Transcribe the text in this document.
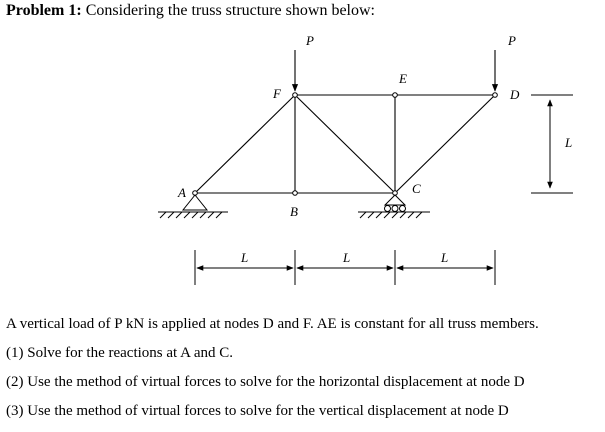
Problem 1: Considering the truss structure shown below:
A
B
C
D
E
F
P	P
L
L	L	L
A vertical load of P kN is applied at nodes D and F. AE is constant for all truss members.
(1) Solve for the reactions at A and C.
(2) Use the method of virtual forces to solve for the horizontal displacement at node D
(3) Use the method of virtual forces to solve for the vertical displacement at node D
